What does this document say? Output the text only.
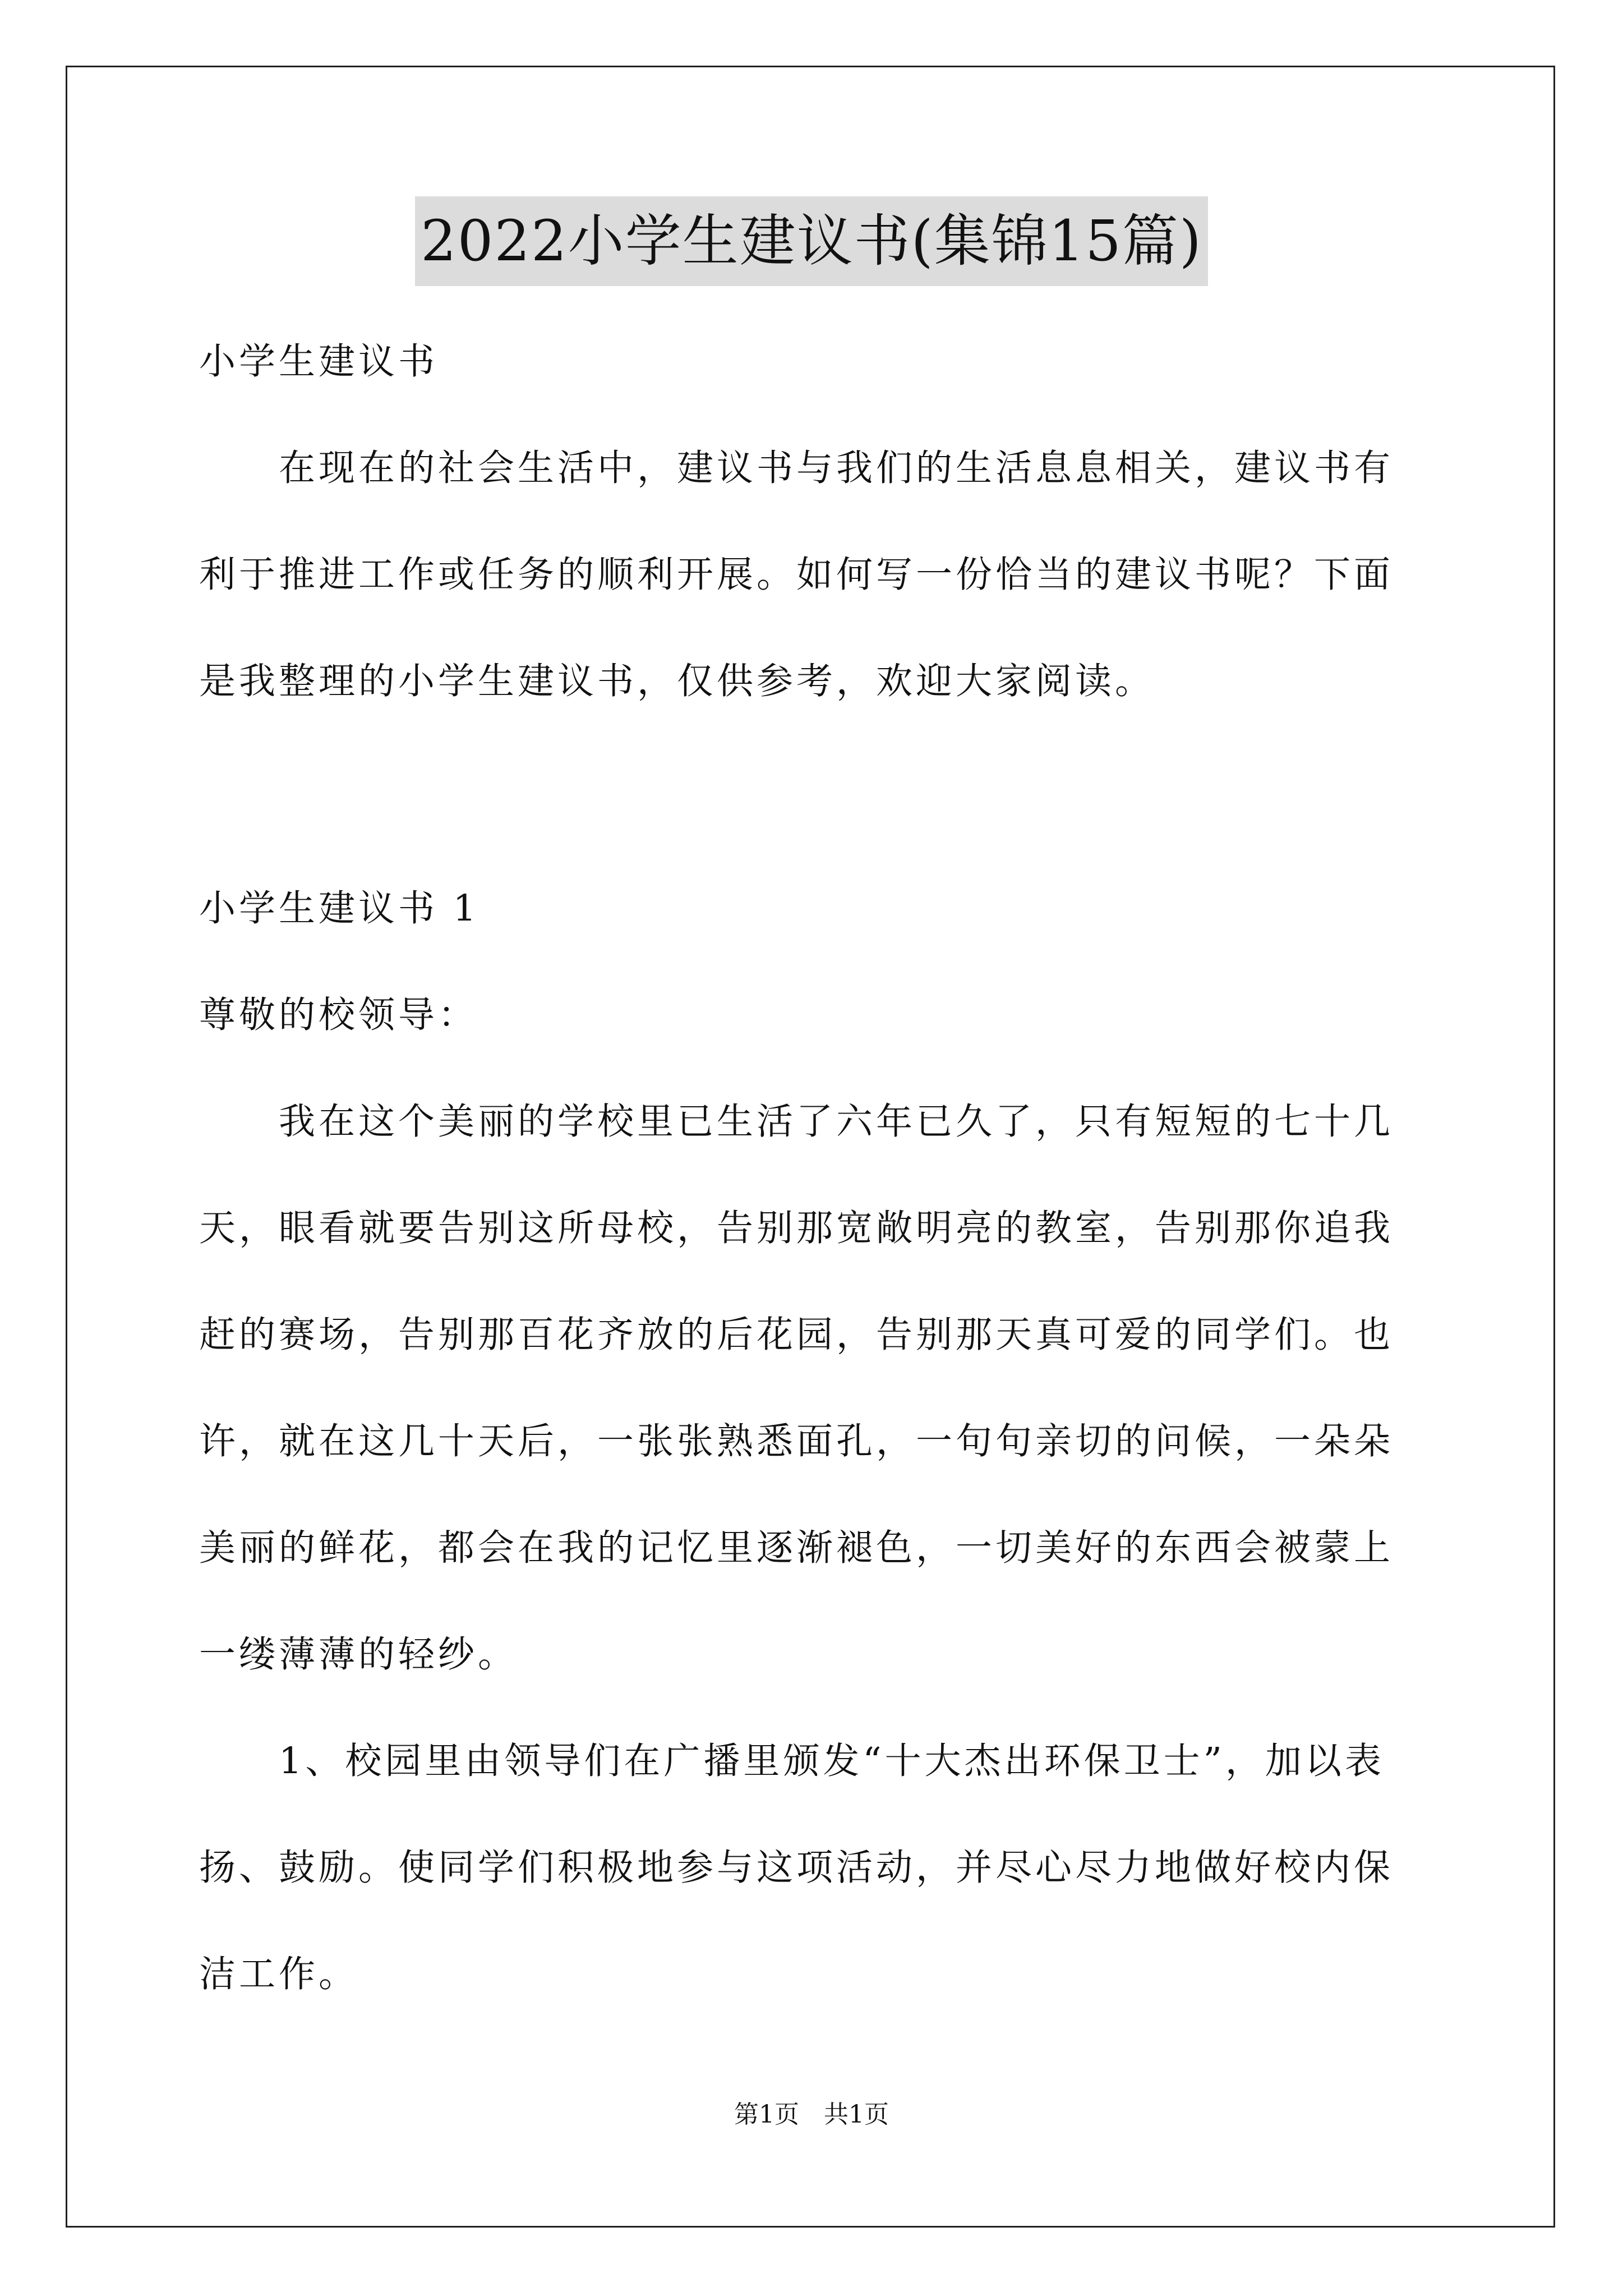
2022小学生建议书(集锦15篇)
小学生建议书
　　在现在的社会生活中，建议书与我们的生活息息相关，建议书有
利于推进工作或任务的顺利开展。如何写一份恰当的建议书呢？下面
是我整理的小学生建议书，仅供参考，欢迎大家阅读。
小学生建议书 1
尊敬的校领导：
　　我在这个美丽的学校里已生活了六年已久了，只有短短的七十几
天，眼看就要告别这所母校，告别那宽敞明亮的教室，告别那你追我
赶的赛场，告别那百花齐放的后花园，告别那天真可爱的同学们。也
许，就在这几十天后，一张张熟悉面孔，一句句亲切的问候，一朵朵
美丽的鲜花，都会在我的记忆里逐渐褪色，一切美好的东西会被蒙上
一缕薄薄的轻纱。
　　1、校园里由领导们在广播里颁发“十大杰出环保卫士”，加以表
扬、鼓励。使同学们积极地参与这项活动，并尽心尽力地做好校内保
洁工作。
第1页　共1页
